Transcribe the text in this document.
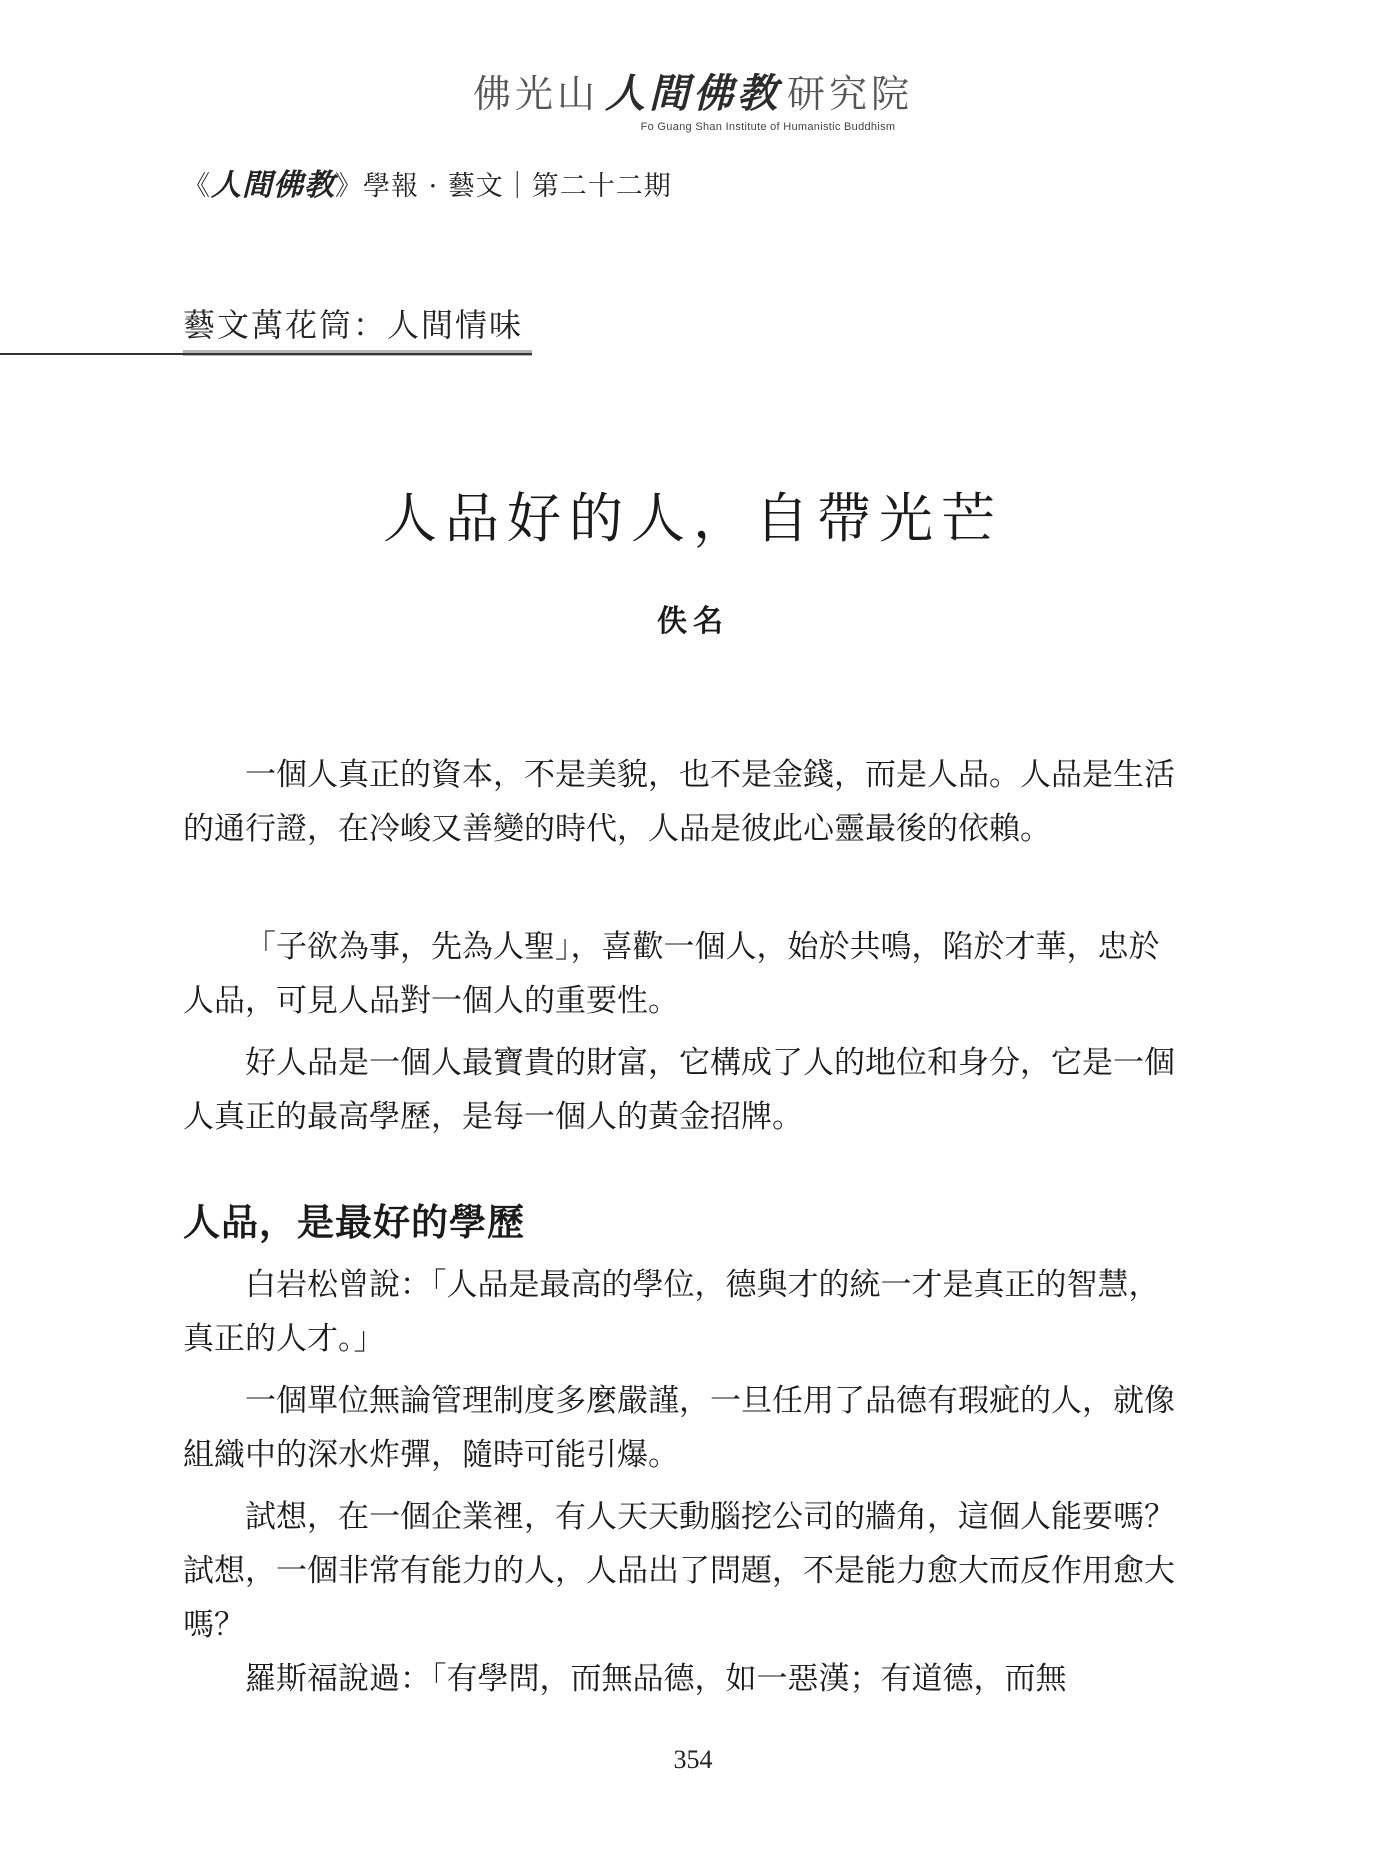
佛光山 人間佛教 研究院
Fo Guang Shan Institute of Humanistic Buddhism
《人間佛教》學報 · 藝文｜第二十二期
藝文萬花筒：人間情味
人品好的人，自帶光芒
佚名

一個人真正的資本，不是美貌，也不是金錢，而是人品。人品是生活的通行證，在冷峻又善變的時代，人品是彼此心靈最後的依賴。

「子欲為事，先為人聖」，喜歡一個人，始於共鳴，陷於才華，忠於人品，可見人品對一個人的重要性。

好人品是一個人最寶貴的財富，它構成了人的地位和身分，它是一個人真正的最高學歷，是每一個人的黃金招牌。

人品，是最好的學歷

白岩松曾說：「人品是最高的學位，德與才的統一才是真正的智慧，真正的人才。」

一個單位無論管理制度多麼嚴謹，一旦任用了品德有瑕疵的人，就像組織中的深水炸彈，隨時可能引爆。

試想，在一個企業裡，有人天天動腦挖公司的牆角，這個人能要嗎？試想，一個非常有能力的人，人品出了問題，不是能力愈大而反作用愈大嗎？

羅斯福說過：「有學問，而無品德，如一惡漢；有道德，而無

354
